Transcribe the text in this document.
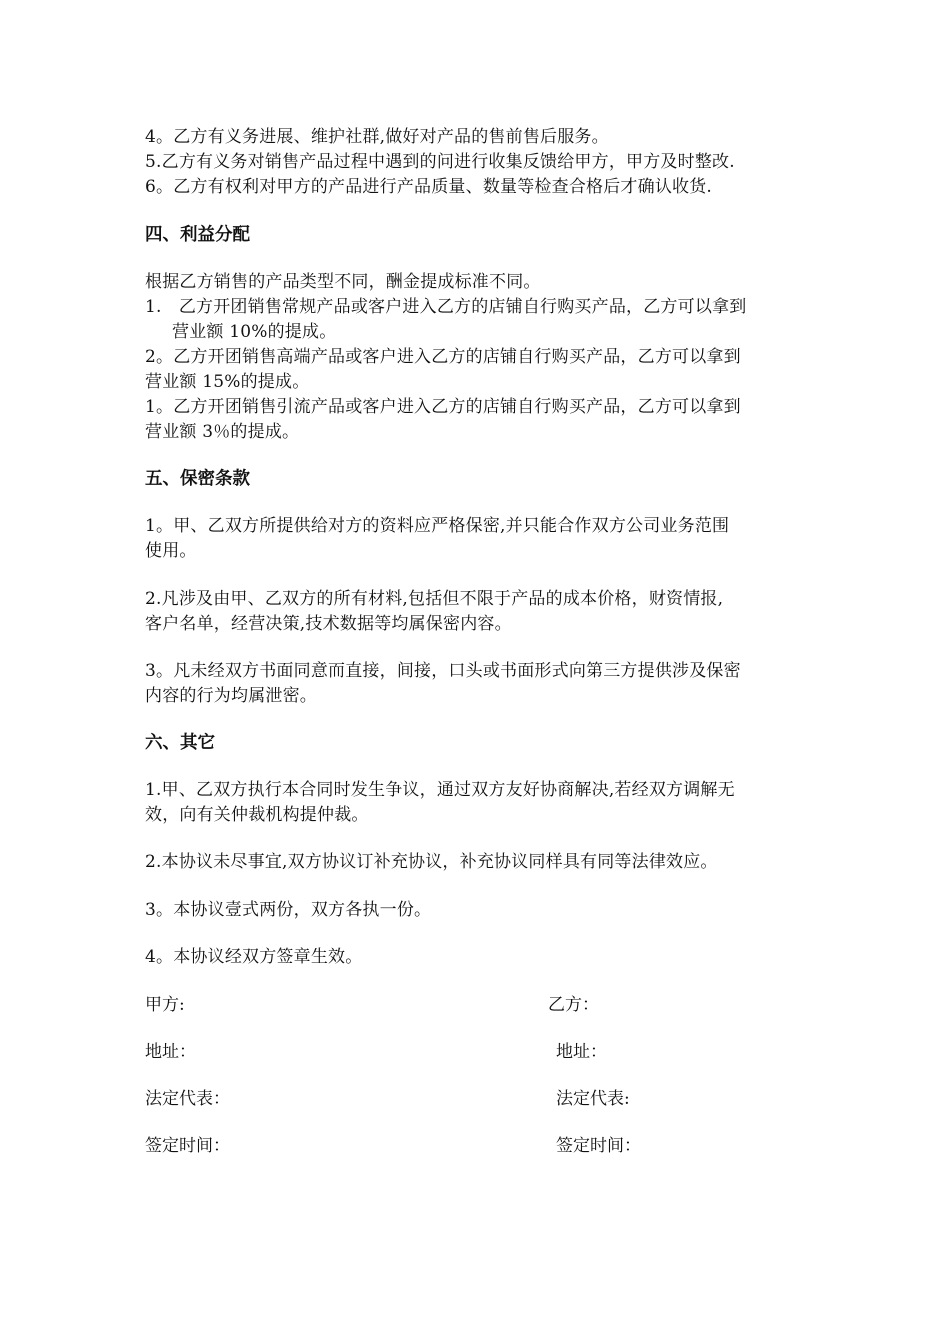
4。乙方有义务进展、维护社群,做好对产品的售前售后服务。
5.乙方有义务对销售产品过程中遇到的问进行收集反馈给甲方，甲方及时整改.
6。乙方有权利对甲方的产品进行产品质量、数量等检查合格后才确认收货.
四、利益分配
根据乙方销售的产品类型不同，酬金提成标准不同。
1.　乙方开团销售常规产品或客户进入乙方的店铺自行购买产品，乙方可以拿到
营业额 10%的提成。
2。乙方开团销售高端产品或客户进入乙方的店铺自行购买产品，乙方可以拿到
营业额 15%的提成。
1。乙方开团销售引流产品或客户进入乙方的店铺自行购买产品，乙方可以拿到
营业额 3％的提成。
五、保密条款
1。甲、乙双方所提供给对方的资料应严格保密,并只能合作双方公司业务范围
使用。
2.凡涉及由甲、乙双方的所有材料,包括但不限于产品的成本价格，财资情报,
客户名单，经营决策,技术数据等均属保密内容。
3。凡未经双方书面同意而直接，间接，口头或书面形式向第三方提供涉及保密
内容的行为均属泄密。
六、其它
1.甲、乙双方执行本合同时发生争议，通过双方友好协商解决,若经双方调解无
效，向有关仲裁机构提仲裁。
2.本协议未尽事宜,双方协议订补充协议，补充协议同样具有同等法律效应。
3。本协议壹式两份，双方各执一份。
4。本协议经双方签章生效。
甲方:	乙方：
地址：	地址：
法定代表：	法定代表:
签定时间：	签定时间：
